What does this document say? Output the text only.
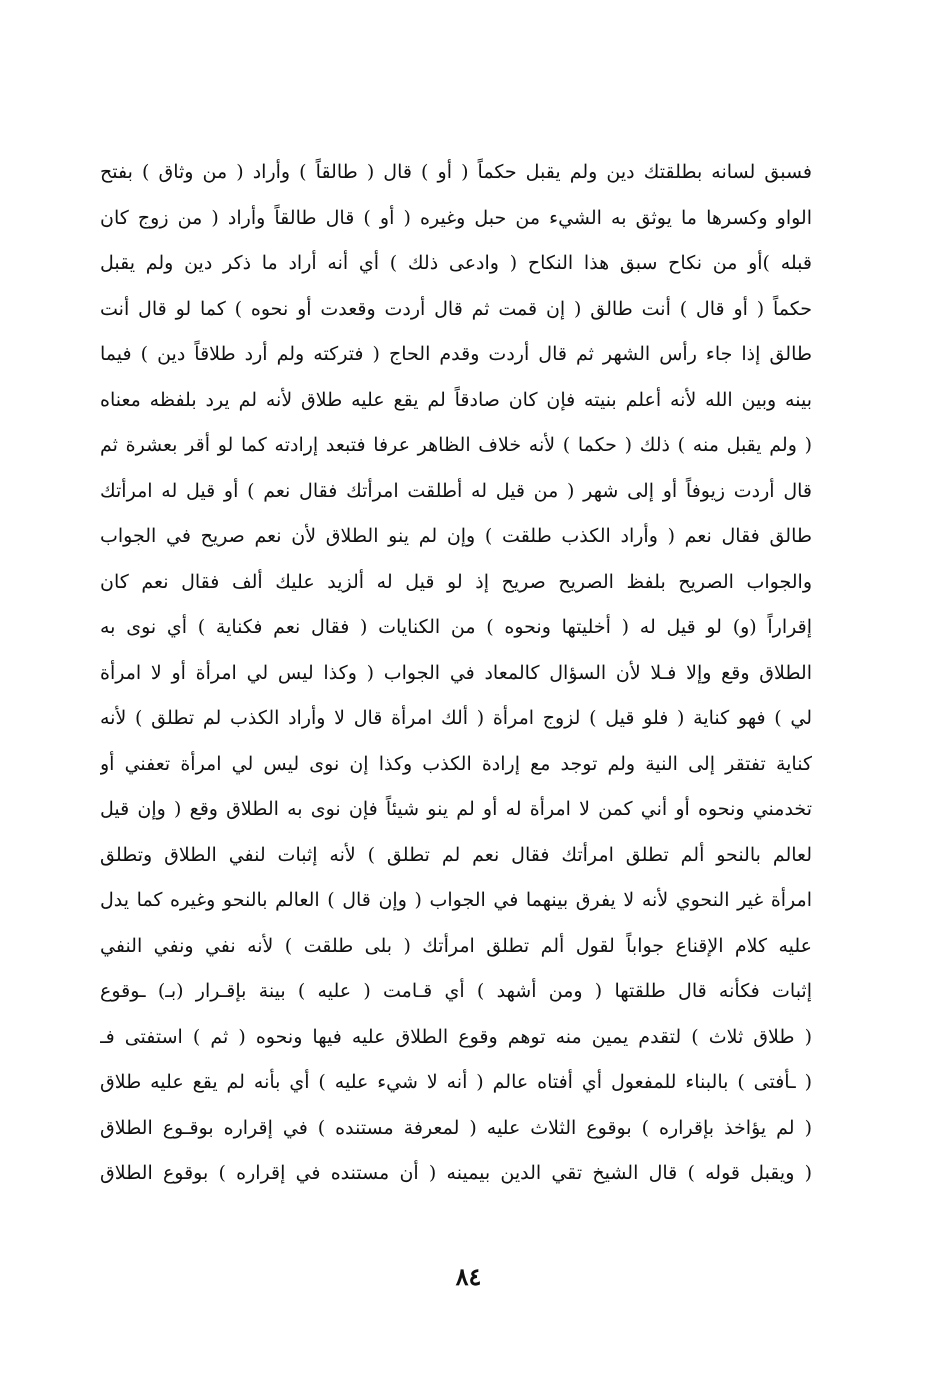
فسبق لسانه بطلقتك دين ولم يقبل حكماً ( أو ) قال ( طالقاً ) وأراد ( من وثاق ) بفتح
الواو وكسرها ما يوثق به الشيء من حبل وغيره ( أو ) قال طالقاً وأراد ( من زوج كان
قبله )أو من نكاح سبق هذا النكاح ( وادعى ذلك ) أي أنه أراد ما ذكر دين ولم يقبل
حكماً ( أو قال ) أنت طالق ( إن قمت ثم قال أردت وقعدت أو نحوه ) كما لو قال أنت
طالق إذا جاء رأس الشهر ثم قال أردت وقدم الحاج ( فتركته ولم أرد طلاقاً دين ) فيما
بينه وبين الله لأنه أعلم بنيته فإن كان صادقاً لم يقع عليه طلاق لأنه لم يرد بلفظه معناه
( ولم يقبل منه ) ذلك ( حكما ) لأنه خلاف الظاهر عرفا فتبعد إرادته كما لو أقر بعشرة ثم
قال أردت زيوفاً أو إلى شهر ( من قيل له أطلقت امرأتك فقال نعم ) أو قيل له امرأتك
طالق فقال نعم ( وأراد الكذب طلقت ) وإن لم ينو الطلاق لأن نعم صريح في الجواب
والجواب الصريح بلفظ الصريح صريح إذ لو قيل له ألزيد عليك ألف فقال نعم كان
إقراراً (و) لو قيل له ( أخليتها ونحوه ) من الكنايات ( فقال نعم فكناية ) أي نوى به
الطلاق وقع وإلا فـلا لأن السؤال كالمعاد في الجواب ( وكذا ليس لي امرأة أو لا امرأة
لي ) فهو كناية ( فلو قيل ) لزوج امرأة ( ألك امرأة قال لا وأراد الكذب لم تطلق ) لأنه
كناية تفتقر إلى النية ولم توجد مع إرادة الكذب وكذا إن نوى ليس لي امرأة تعفني أو
تخدمني ونحوه أو أني كمن لا امرأة له أو لم ينو شيئاً فإن نوى به الطلاق وقع ( وإن قيل
لعالم بالنحو ألم تطلق امرأتك فقال نعم لم تطلق ) لأنه إثبات لنفي الطلاق وتطلق
امرأة غير النحوي لأنه لا يفرق بينهما في الجواب ( وإن قال ) العالم بالنحو وغيره كما يدل
عليه كلام الإقناع جواباً لقول ألم تطلق امرأتك ( بلى طلقت ) لأنه نفي ونفي النفي
إثبات فكأنه قال طلقتها ( ومن أشهد ) أي قـامت ( عليه ) بينة بإقـرار (بـ) ـوقوع
( طلاق ثلاث ) لتقدم يمين منه توهم وقوع الطلاق عليه فيها ونحوه ( ثم ) استفتى فـ
( ـأفتى ) بالبناء للمفعول أي أفتاه عالم ( أنه لا شيء عليه ) أي بأنه لم يقع عليه طلاق
( لم يؤاخذ بإقراره ) بوقوع الثلاث عليه ( لمعرفة مستنده ) في إقراره بوقـوع الطلاق
( ويقبل قوله ) قال الشيخ تقي الدين بيمينه ( أن مستنده في إقراره ) بوقوع الطلاق
٨٤
